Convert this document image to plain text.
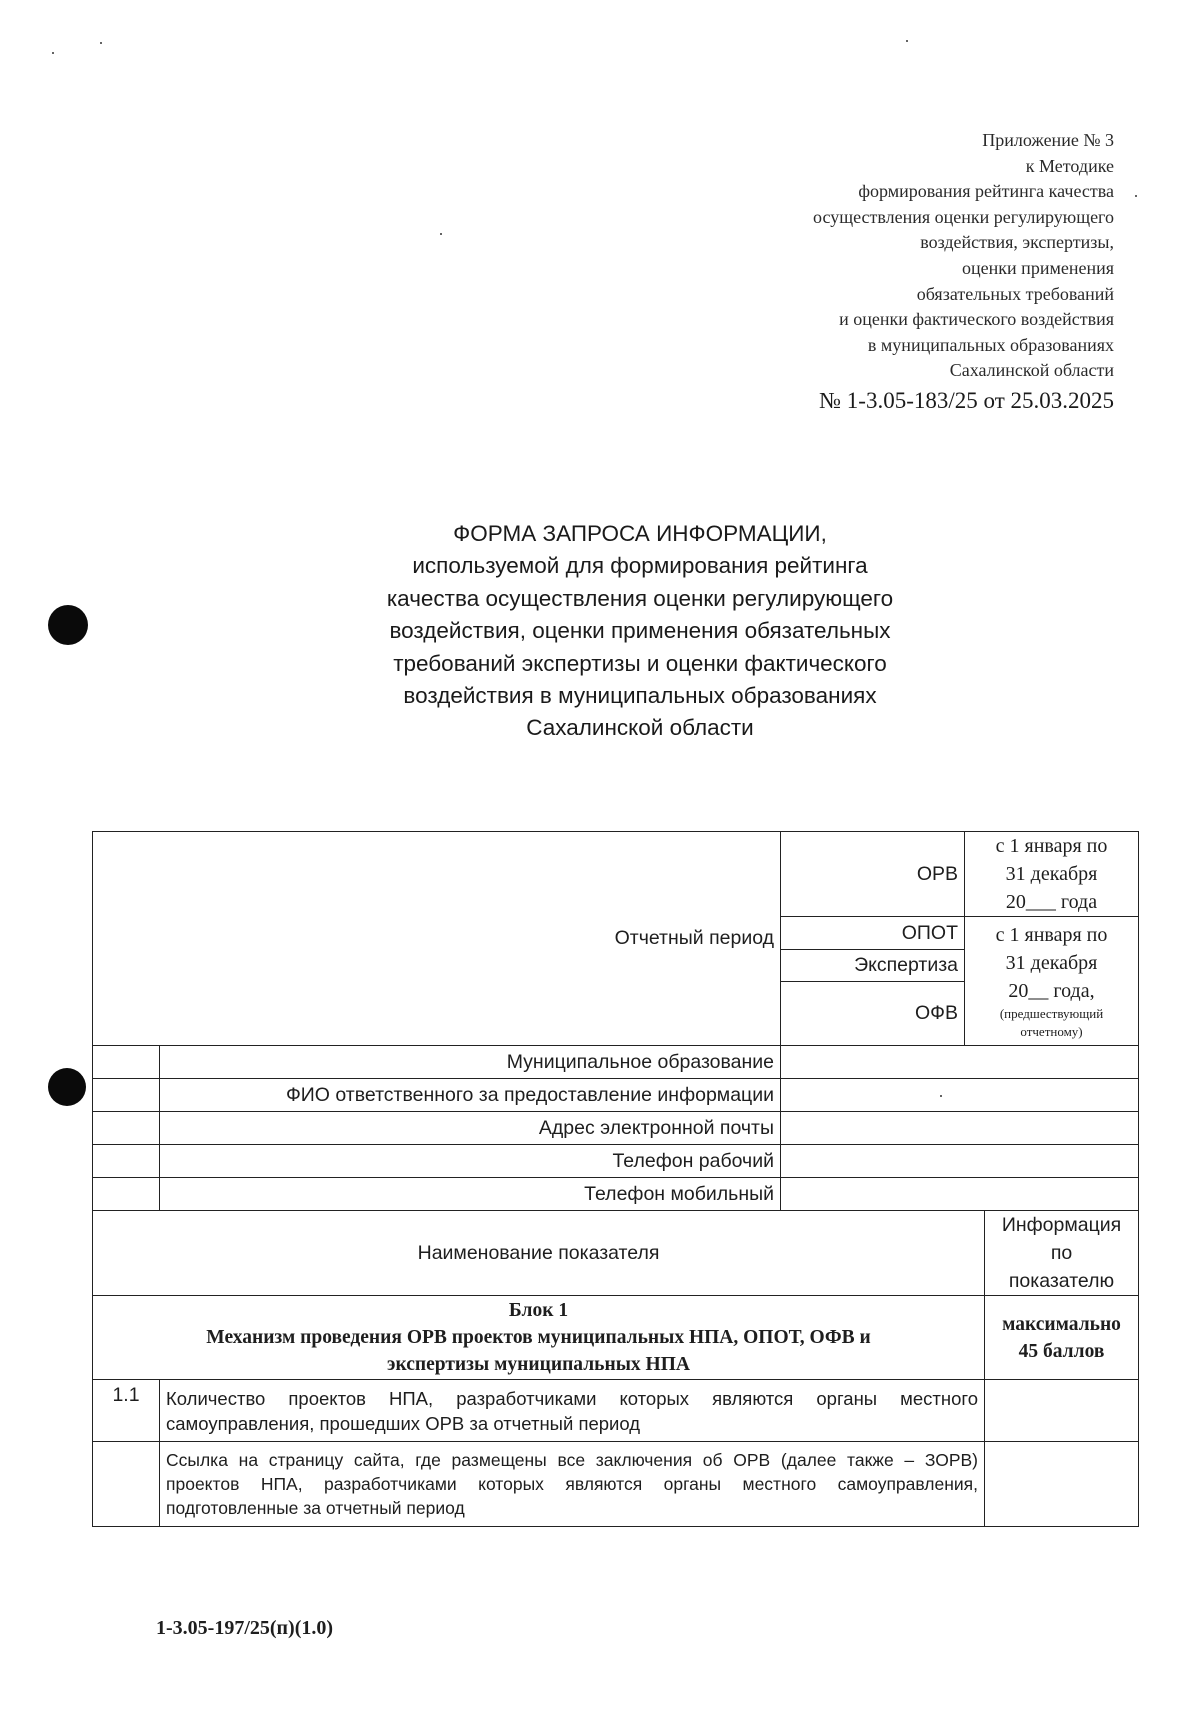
Приложение № 3
к Методике
формирования рейтинга качества
осуществления оценки регулирующего
воздействия, экспертизы,
оценки применения
обязательных требований
и оценки фактического воздействия
в муниципальных образованиях
Сахалинской области
№ 1-3.05-183/25 от 25.03.2025
ФОРМА ЗАПРОСА ИНФОРМАЦИИ,
используемой для формирования рейтинга
качества осуществления оценки регулирующего
воздействия, оценки применения обязательных
требований экспертизы и оценки фактического
воздействия в муниципальных образованиях
Сахалинской области
Отчетный период		ОРВ	с 1 января по
31 декабря
20___ года	

		ОПОТ	с 1 января по
31 декабря
20__ года,
(предшествующий
отчетному)	

		Экспертиза		
		ОФВ		
	Муниципальное образование			
	ФИО ответственного за предоставление информации			
	Адрес электронной почты			
	Телефон рабочий			
	Телефон мобильный			
Наименование показателя				Информация по
показателю

Блок 1
Механизм проведения ОРВ проектов муниципальных НПА, ОПОТ, ОФВ и
экспертизы муниципальных НПА				максимально
45 баллов

1.1	Количество проектов НПА, разработчиками которых являются органы местного самоуправления, прошедших ОРВ за отчетный период			
	Ссылка на страницу сайта, где размещены все заключения об ОРВ (далее также – ЗОРВ) проектов НПА, разработчиками которых являются органы местного самоуправления, подготовленные за отчетный период			
1-3.05-197/25(п)(1.0)
